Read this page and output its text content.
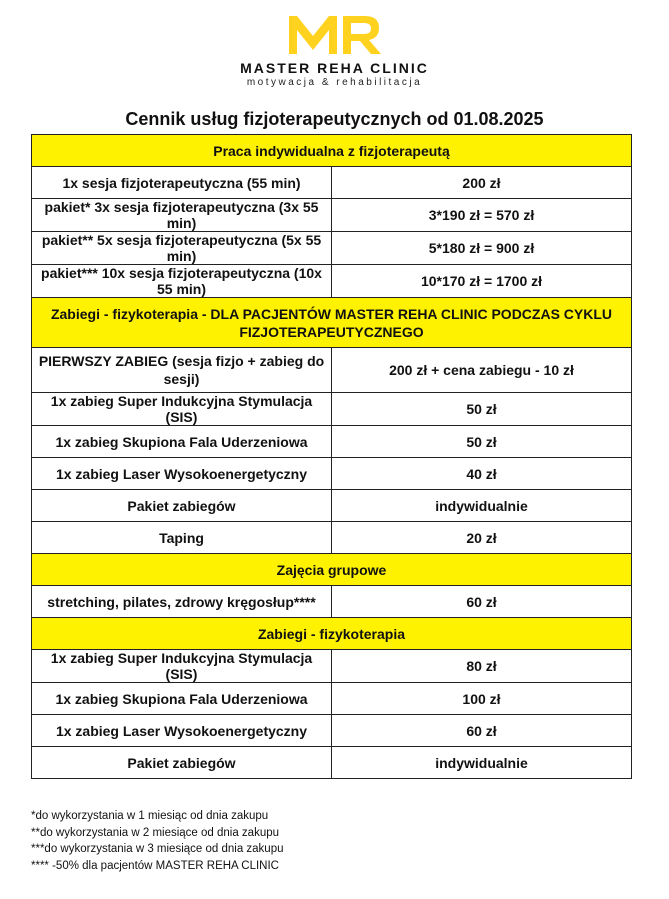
MASTER REHA CLINIC
motywacja & rehabilitacja
Cennik usług fizjoterapeutycznych od 01.08.2025
Praca indywidualna z fizjoterapeutą	
1x sesja fizjoterapeutyczna (55 min)	200 zł
pakiet* 3x sesja fizjoterapeutyczna (3x 55 min)	3*190 zł = 570 zł
pakiet** 5x sesja fizjoterapeutyczna (5x 55 min)	5*180 zł = 900 zł
pakiet*** 10x sesja fizjoterapeutyczna (10x 55 min)	10*170 zł = 1700 zł
Zabiegi - fizykoterapia - DLA PACJENTÓW MASTER REHA CLINIC PODCZAS CYKLU FIZJOTERAPEUTYCZNEGO	
PIERWSZY ZABIEG (sesja fizjo + zabieg do sesji)	200 zł + cena zabiegu - 10 zł
1x zabieg Super Indukcyjna Stymulacja (SIS)	50 zł
1x zabieg Skupiona Fala Uderzeniowa	50 zł
1x zabieg Laser Wysokoenergetyczny	40 zł
Pakiet zabiegów	indywidualnie
Taping	20 zł
Zajęcia grupowe	
stretching, pilates, zdrowy kręgosłup****	60 zł
Zabiegi - fizykoterapia	
1x zabieg Super Indukcyjna Stymulacja (SIS)	80 zł
1x zabieg Skupiona Fala Uderzeniowa	100 zł
1x zabieg Laser Wysokoenergetyczny	60 zł
Pakiet zabiegów	indywidualnie
*do wykorzystania w 1 miesiąc od dnia zakupu
**do wykorzystania w 2 miesiące od dnia zakupu
***do wykorzystania w 3 miesiące od dnia zakupu
**** -50% dla pacjentów MASTER REHA CLINIC
